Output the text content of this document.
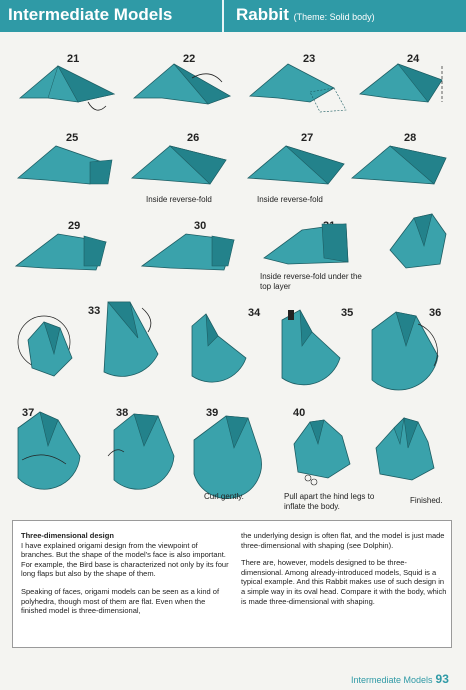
Intermediate Models	Rabbit (Theme: Solid body)
21	22	23	24
25	26
Inside reverse-fold
27
Inside reverse-fold
28
29	30
Inside reverse-fold under the top layer
33	34	35	36
37	38	39
Curl gently.
40
Pull apart the hind legs to inflate the body.
Finished.
Three-dimensional design

I have explained origami design from the viewpoint of branches. But the shape of the model's face is also important. For example, the Bird base is characterized not only by its four long flaps but also by the shape of them.

Speaking of faces, origami models can be seen as a kind of polyhedra, though most of them are flat. Even when the finished model is three-dimensional,

the underlying design is often flat, and the model is just made three-dimensional with shaping (see Dolphin).

There are, however, models designed to be three-dimensional. Among already-introduced models, Squid is a typical example. And this Rabbit makes use of such design in a simple way in its oval head. Compare it with the body, which is made three-dimensional with shaping.

Intermediate Models 93
